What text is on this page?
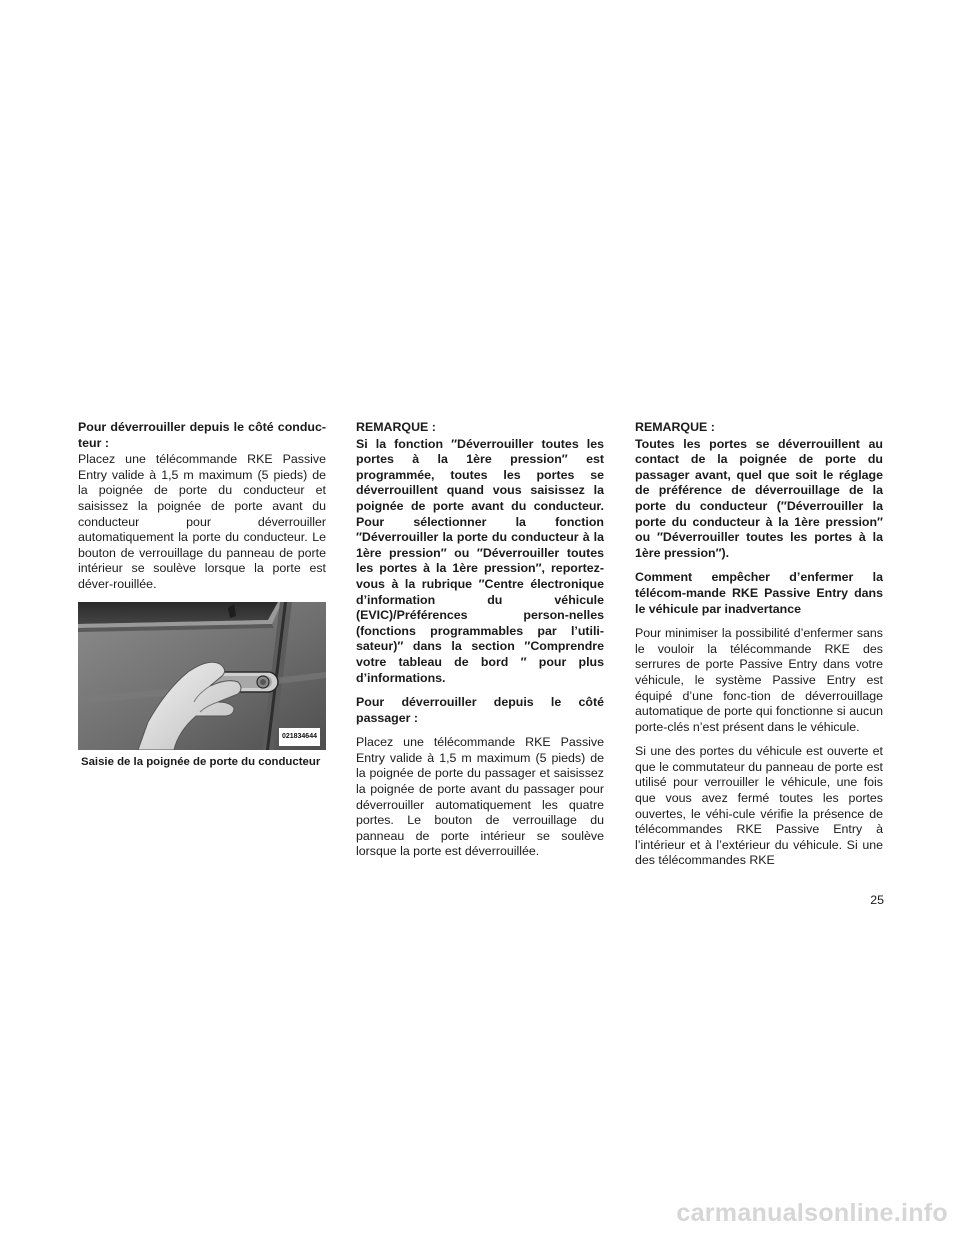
Pour déverrouiller depuis le côté conduc-teur :

Placez une télécommande RKE Passive Entry valide à 1,5 m maximum (5 pieds) de la poignée de porte du conducteur et saisissez la poignée de porte avant du conducteur pour déverrouiller automatiquement la porte du conducteur. Le bouton de verrouillage du panneau de porte intérieur se soulève lorsque la porte est déver-rouillée.

021834644
Saisie de la poignée de porte du conducteur

REMARQUE :

Si la fonction ″Déverrouiller toutes les portes à la 1ère pression″ est programmée, toutes les portes se déverrouillent quand vous saisissez la poignée de porte avant du conducteur. Pour sélectionner la fonction ″Déverrouiller la porte du conducteur à la 1ère pression″ ou ″Déverrouiller toutes les portes à la 1ère pression″, reportez-vous à la rubrique ″Centre électronique d’information du véhicule (EVIC)/Préférences person-nelles (fonctions programmables par l’utili-sateur)″ dans la section ″Comprendre votre tableau de bord ″ pour plus d’informations.

Pour déverrouiller depuis le côté passager :

Placez une télécommande RKE Passive Entry valide à 1,5 m maximum (5 pieds) de la poignée de porte du passager et saisissez la poignée de porte avant du passager pour déverrouiller automatiquement les quatre portes. Le bouton de verrouillage du panneau de porte intérieur se soulève lorsque la porte est déverrouillée.

REMARQUE :

Toutes les portes se déverrouillent au contact de la poignée de porte du passager avant, quel que soit le réglage de préférence de déverrouillage de la porte du conducteur (″Déverrouiller la porte du conducteur à la 1ère pression″ ou ″Déverrouiller toutes les portes à la 1ère pression″).

Comment empêcher d’enfermer la télécom-mande RKE Passive Entry dans le véhicule par inadvertance

Pour minimiser la possibilité d’enfermer sans le vouloir la télécommande RKE des serrures de porte Passive Entry dans votre véhicule, le système Passive Entry est équipé d’une fonc-tion de déverrouillage automatique de porte qui fonctionne si aucun porte-clés n’est présent dans le véhicule.

Si une des portes du véhicule est ouverte et que le commutateur du panneau de porte est utilisé pour verrouiller le véhicule, une fois que vous avez fermé toutes les portes ouvertes, le véhi-cule vérifie la présence de télécommandes RKE Passive Entry à l’intérieur et à l’extérieur du véhicule. Si une des télécommandes RKE

25
carmanualsonline.info
